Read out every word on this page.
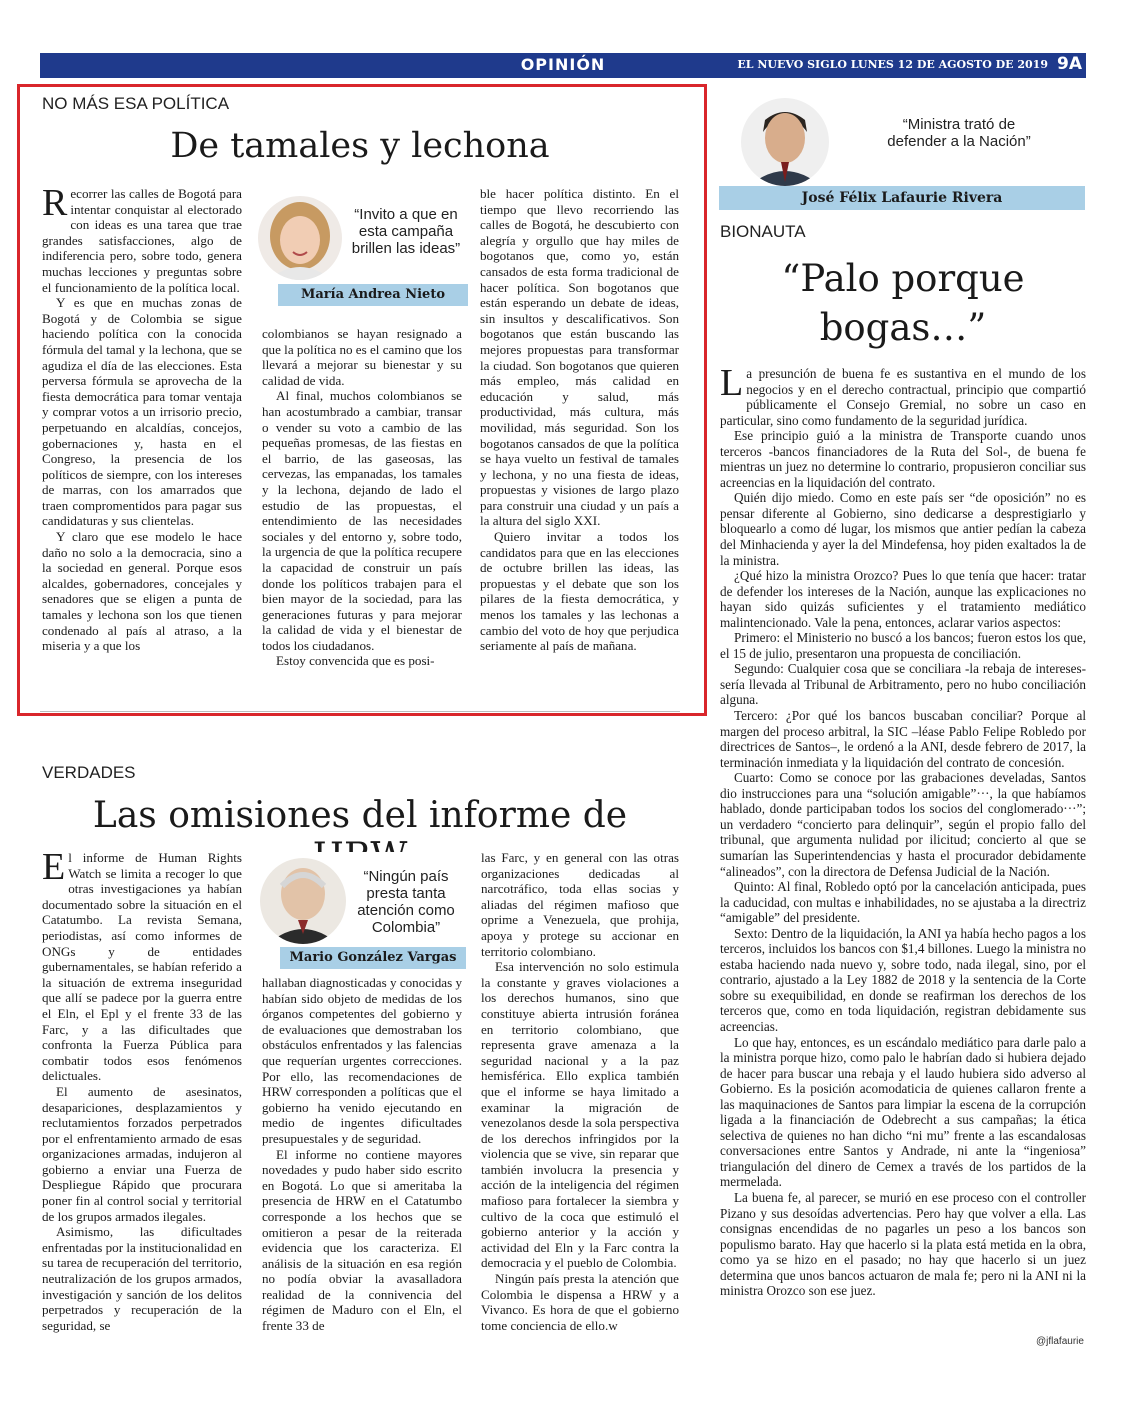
OPINIÓN	EL NUEVO SIGLO LUNES 12 DE AGOSTO DE 2019 9A
NO MÁS ESA POLÍTICA
De tamales y lechona

Recorrer las calles de Bogotá para intentar conquistar al electorado con ideas es una tarea que trae grandes satisfacciones, algo de indiferencia pero, sobre todo, genera muchas lecciones y preguntas sobre el funcionamiento de la política local.

Y es que en muchas zonas de Bogotá y de Colombia se sigue haciendo política con la conocida fórmula del tamal y la lechona, que se agudiza el día de las elecciones. Esta perversa fórmula se aprovecha de la fiesta democrática para tomar ventaja y comprar votos a un irrisorio precio, perpetuando en alcaldías, concejos, gobernaciones y, hasta en el Congreso, la presencia de los políticos de siempre, con los intereses de marras, con los amarrados que traen compromentidos para pagar sus candidaturas y sus clientelas.

Y claro que ese modelo le hace daño no solo a la democracia, sino a la sociedad en general. Porque esos alcaldes, gobernadores, concejales y senadores que se eligen a punta de tamales y lechona son los que tienen condenado al país al atraso, a la miseria y a que los

“Invito a que en esta campaña brillen las ideas”
María Andrea Nieto

colombianos se hayan resignado a que la política no es el camino que los llevará a mejorar su bienestar y su calidad de vida.

Al final, muchos colombianos se han acostumbrado a cambiar, transar o vender su voto a cambio de las pequeñas promesas, de las fiestas en el barrio, de las gaseosas, las cervezas, las empanadas, los tamales y la lechona, dejando de lado el estudio de las propuestas, el entendimiento de las necesidades sociales y del entorno y, sobre todo, la urgencia de que la política recupere la capacidad de construir un país donde los políticos trabajen para el bien mayor de la sociedad, para las generaciones futuras y para mejorar la calidad de vida y el bienestar de todos los ciudadanos.

Estoy convencida que es posi-

ble hacer política distinto. En el tiempo que llevo recorriendo las calles de Bogotá, he descubierto con alegría y orgullo que hay miles de bogotanos que, como yo, están cansados de esta forma tradicional de hacer política. Son bogotanos que están esperando un debate de ideas, sin insultos y descalificativos. Son bogotanos que están buscando las mejores propuestas para transformar la ciudad. Son bogotanos que quieren más empleo, más calidad en educación y salud, más productividad, más cultura, más movilidad, más seguridad. Son los bogotanos cansados de que la política se haya vuelto un festival de tamales y lechona, y no una fiesta de ideas, propuestas y visiones de largo plazo para construir una ciudad y un país a la altura del siglo XXI.

Quiero invitar a todos los candidatos para que en las elecciones de octubre brillen las ideas, las propuestas y el debate que son los pilares de la fiesta democrática, y menos los tamales y las lechonas a cambio del voto de hoy que perjudica seriamente al país de mañana.

VERDADES
Las omisiones del informe de

El informe de Human Rights Watch se limita a recoger lo que otras investigaciones ya habían documentado sobre la situación en el Catatumbo. La revista Semana, periodistas, así como informes de ONGs y de entidades gubernamentales, se habían referido a la situación de extrema inseguridad que allí se padece por la guerra entre el Eln, el Epl y el frente 33 de las Farc, y a las dificultades que confronta la Fuerza Pública para combatir todos esos fenómenos delictuales.

El aumento de asesinatos, desapariciones, desplazamientos y reclutamientos forzados perpetrados por el enfrentamiento armado de esas organizaciones armadas, indujeron al gobierno a enviar una Fuerza de Despliegue Rápido que procurara poner fin al control social y territorial de los grupos armados ilegales.

Asimismo, las dificultades enfrentadas por la institucionalidad en su tarea de recuperación del territorio, neutralización de los grupos armados, investigación y sanción de los delitos perpetrados y recuperación de la seguridad, se

“Ningún país presta tanta atención como Colombia”
Mario González Vargas

hallaban diagnosticadas y conocidas y habían sido objeto de medidas de los órganos competentes del gobierno y de evaluaciones que demostraban los obstáculos enfrentados y las falencias que requerían urgentes correcciones. Por ello, las recomendaciones de HRW corresponden a políticas que el gobierno ha venido ejecutando en medio de ingentes dificultades presupuestales y de seguridad.

El informe no contiene mayores novedades y pudo haber sido escrito en Bogotá. Lo que si ameritaba la presencia de HRW en el Catatumbo corresponde a los hechos que se omitieron a pesar de la reiterada evidencia que los caracteriza. El análisis de la situación en esa región no podía obviar la avasalladora realidad de la connivencia del régimen de Maduro con el Eln, el frente 33 de

las Farc, y en general con las otras organizaciones dedicadas al narcotráfico, toda ellas socias y aliadas del régimen mafioso que oprime a Venezuela, que prohija, apoya y protege su accionar en territorio colombiano.

Esa intervención no solo estimula la constante y graves violaciones a los derechos humanos, sino que constituye abierta intrusión foránea en territorio colombiano, que representa grave amenaza a la seguridad nacional y a la paz hemisférica. Ello explica también que el informe se haya limitado a examinar la migración de venezolanos desde la sola perspectiva de los derechos infringidos por la violencia que se vive, sin reparar que también involucra la presencia y acción de la inteligencia del régimen mafioso para fortalecer la siembra y cultivo de la coca que estimuló el gobierno anterior y la acción y actividad del Eln y la Farc contra la democracia y el pueblo de Colombia.

Ningún país presta la atención que Colombia le dispensa a HRW y a Vivanco. Es hora de que el gobierno tome conciencia de ello.w

“Ministra trató de defender a la Nación”
José Félix Lafaurie Rivera
BIONAUTA
“Palo porque
bogas…”

La presunción de buena fe es sustantiva en el mundo de los negocios y en el derecho contractual, principio que compartió públicamente el Consejo Gremial, no sobre un caso en particular, sino como fundamento de la seguridad jurídica.

Ese principio guió a la ministra de Transporte cuando unos terceros -bancos financiadores de la Ruta del Sol-, de buena fe mientras un juez no determine lo contrario, propusieron conciliar sus acreencias en la liquidación del contrato.

Quién dijo miedo. Como en este país ser “de oposición” no es pensar diferente al Gobierno, sino dedicarse a desprestigiarlo y bloquearlo a como dé lugar, los mismos que antier pedían la cabeza del Minhacienda y ayer la del Mindefensa, hoy piden exaltados la de la ministra.

¿Qué hizo la ministra Orozco? Pues lo que tenía que hacer: tratar de defender los intereses de la Nación, aunque las explicaciones no hayan sido quizás suficientes y el tratamiento mediático malintencionado. Vale la pena, entonces, aclarar varios aspectos:

Primero: el Ministerio no buscó a los bancos; fueron estos los que, el 15 de julio, presentaron una propuesta de conciliación.

Segundo: Cualquier cosa que se conciliara -la rebaja de intereses- sería llevada al Tribunal de Arbitramento, pero no hubo conciliación alguna.

Tercero: ¿Por qué los bancos buscaban conciliar? Porque al margen del proceso arbitral, la SIC –léase Pablo Felipe Robledo por directrices de Santos–, le ordenó a la ANI, desde febrero de 2017, la terminación inmediata y la liquidación del contrato de concesión.

Cuarto: Como se conoce por las grabaciones develadas, Santos dio instrucciones para una “solución amigable”···, la que habíamos hablado, donde participaban todos los socios del conglomerado···”; un verdadero “concierto para delinquir”, según el propio fallo del tribunal, que argumenta nulidad por ilicitud; concierto al que se sumarían las Superintendencias y hasta el procurador debidamente “alineados”, con la directora de Defensa Judicial de la Nación.

Quinto: Al final, Robledo optó por la cancelación anticipada, pues la caducidad, con multas e inhabilidades, no se ajustaba a la directriz “amigable” del presidente.

Sexto: Dentro de la liquidación, la ANI ya había hecho pagos a los terceros, incluidos los bancos con $1,4 billones. Luego la ministra no estaba haciendo nada nuevo y, sobre todo, nada ilegal, sino, por el contrario, ajustado a la Ley 1882 de 2018 y la sentencia de la Corte sobre su exequibilidad, en donde se reafirman los derechos de los terceros que, como en toda liquidación, registran debidamente sus acreencias.

Lo que hay, entonces, es un escándalo mediático para darle palo a la ministra porque hizo, como palo le habrían dado si hubiera dejado de hacer para buscar una rebaja y el laudo hubiera sido adverso al Gobierno. Es la posición acomodaticia de quienes callaron frente a las maquinaciones de Santos para limpiar la escena de la corrupción ligada a la financiación de Odebrecht a sus campañas; la ética selectiva de quienes no han dicho “ni mu” frente a las escandalosas conversaciones entre Santos y Andrade, ni ante la “ingeniosa” triangulación del dinero de Cemex a través de los partidos de la mermelada.

La buena fe, al parecer, se murió en ese proceso con el controller Pizano y sus desoídas advertencias. Pero hay que volver a ella. Las consignas encendidas de no pagarles un peso a los bancos son populismo barato. Hay que hacerlo si la plata está metida en la obra, como ya se hizo en el pasado; no hay que hacerlo si un juez determina que unos bancos actuaron de mala fe; pero ni la ANI ni la ministra Orozco son ese juez.

@jflafaurie
